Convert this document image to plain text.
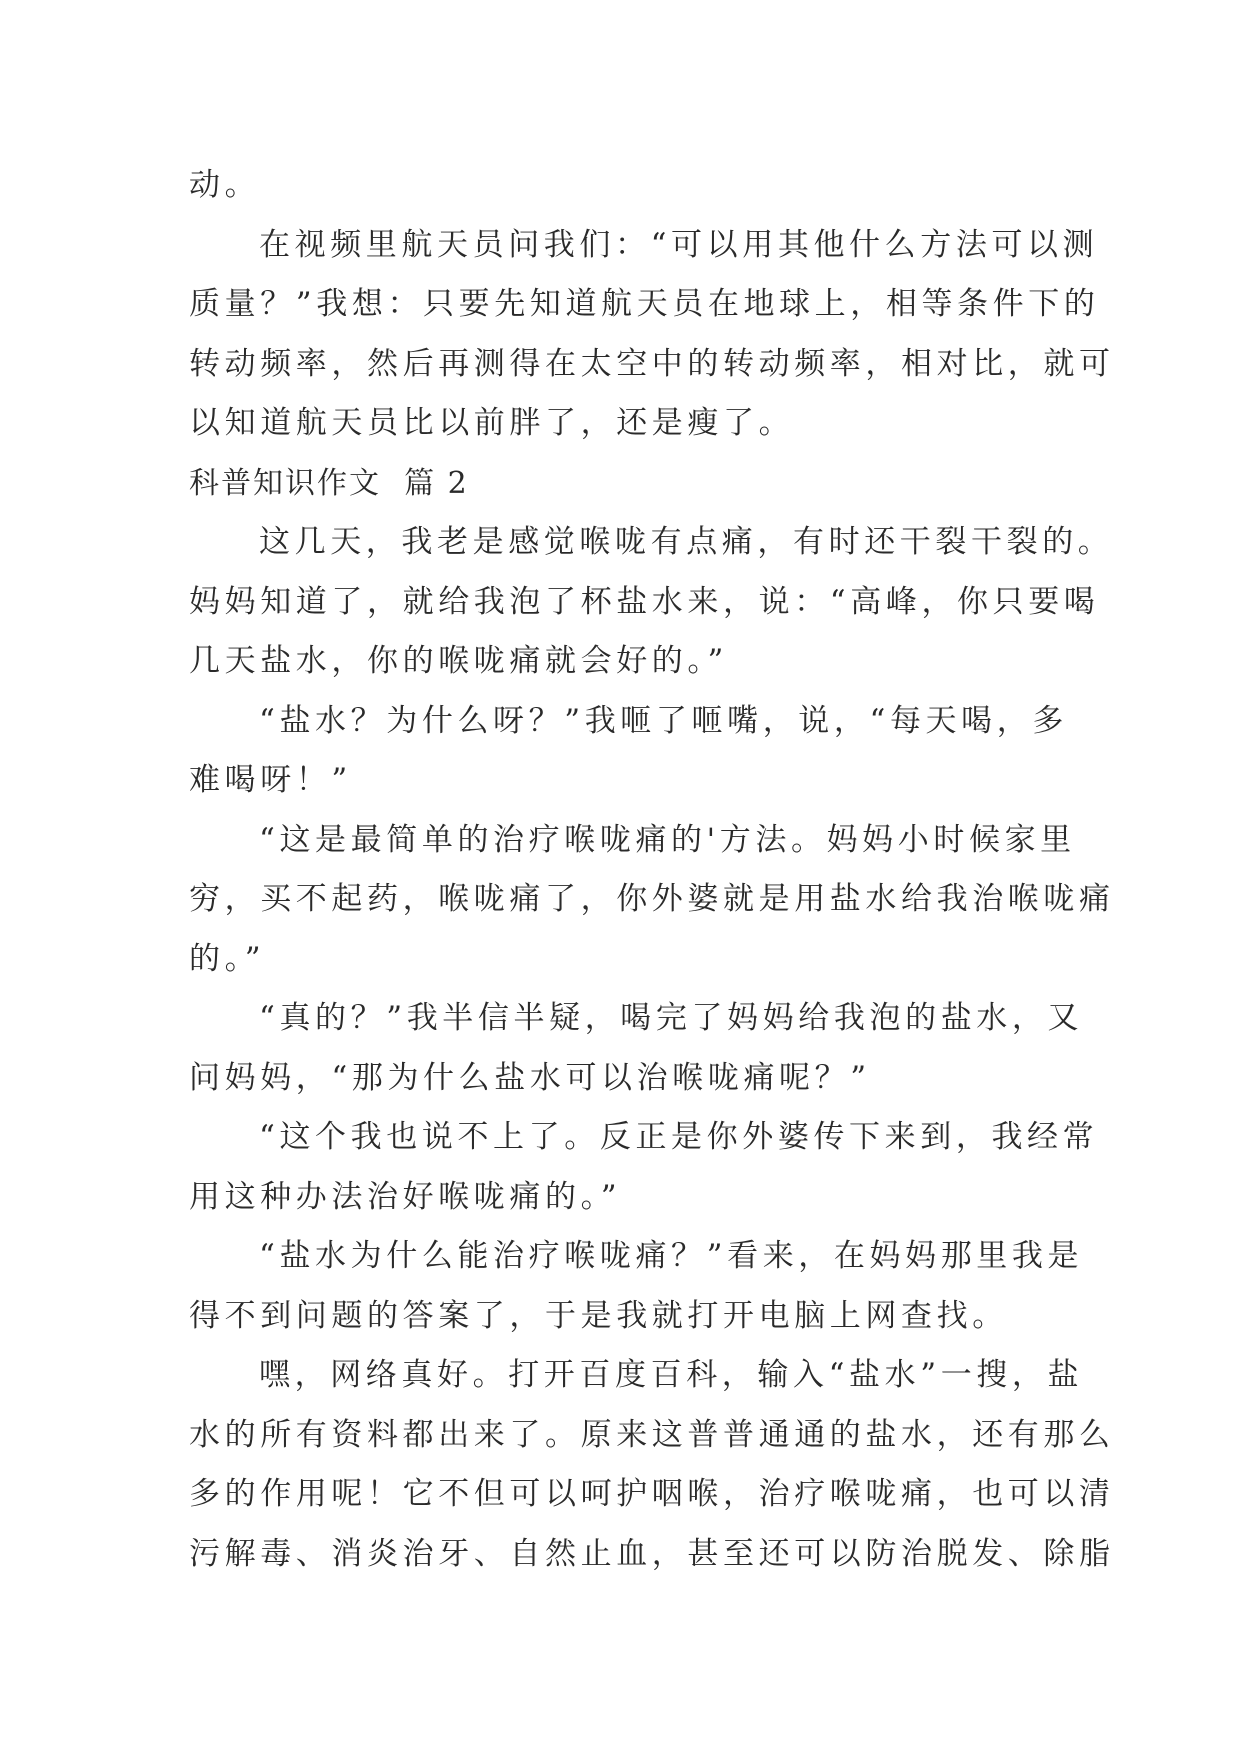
动。
在视频里航天员问我们：“可以用其他什么方法可以测
质量？”我想：只要先知道航天员在地球上，相等条件下的
转动频率，然后再测得在太空中的转动频率，相对比，就可
以知道航天员比以前胖了，还是瘦了。
科普知识作文  篇 2
这几天，我老是感觉喉咙有点痛，有时还干裂干裂的。
妈妈知道了，就给我泡了杯盐水来，说：“高峰，你只要喝
几天盐水，你的喉咙痛就会好的。”
“盐水？为什么呀？”我咂了咂嘴，说，“每天喝，多
难喝呀！”
“这是最简单的治疗喉咙痛的'方法。妈妈小时候家里
穷，买不起药，喉咙痛了，你外婆就是用盐水给我治喉咙痛
的。”
“真的？”我半信半疑，喝完了妈妈给我泡的盐水，又
问妈妈，“那为什么盐水可以治喉咙痛呢？”
“这个我也说不上了。反正是你外婆传下来到，我经常
用这种办法治好喉咙痛的。”
“盐水为什么能治疗喉咙痛？”看来，在妈妈那里我是
得不到问题的答案了，于是我就打开电脑上网查找。
嘿，网络真好。打开百度百科，输入“盐水”一搜，盐
水的所有资料都出来了。原来这普普通通的盐水，还有那么
多的作用呢！它不但可以呵护咽喉，治疗喉咙痛，也可以清
污解毒、消炎治牙、自然止血，甚至还可以防治脱发、除脂
